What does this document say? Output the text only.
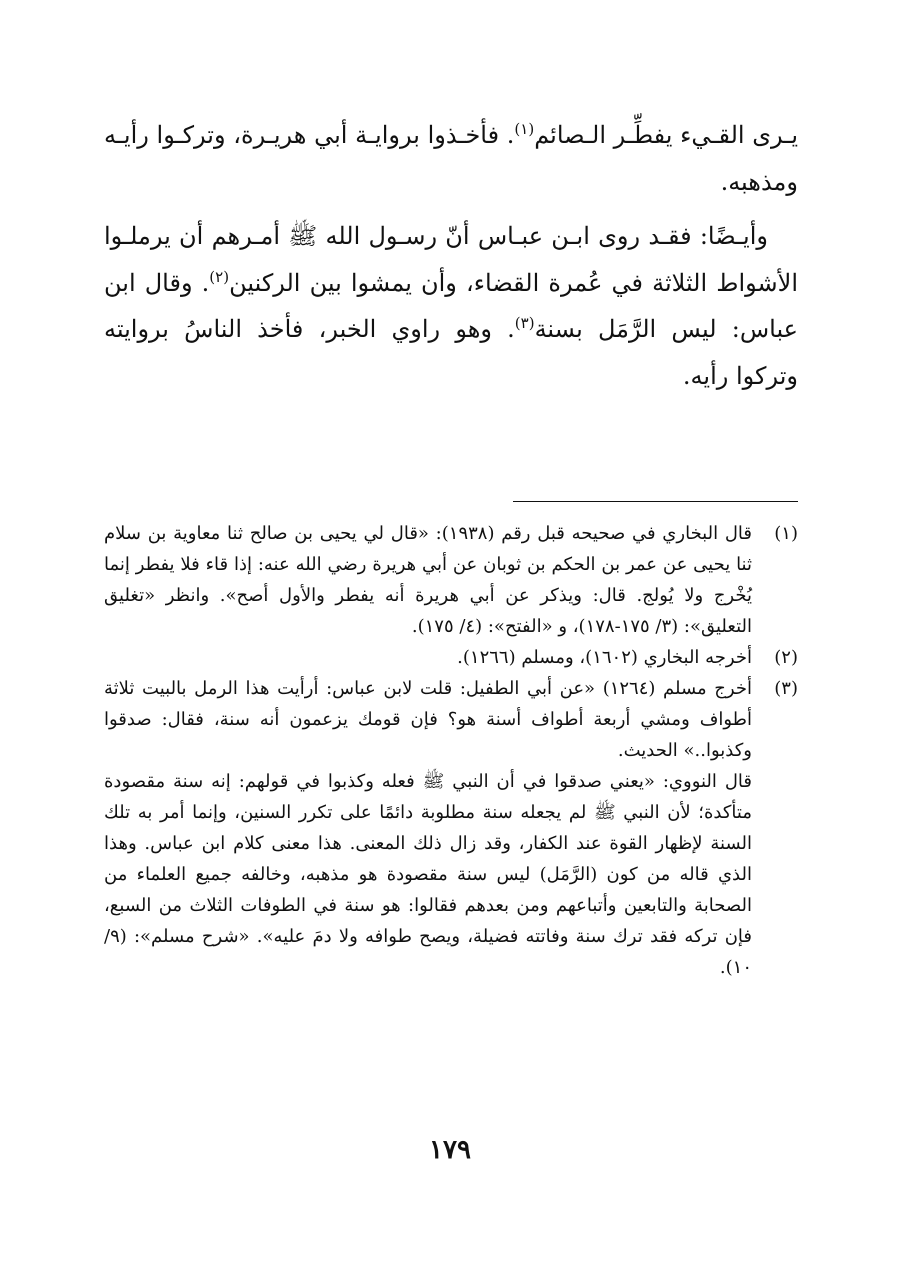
يـرى القـيء يفطِّـر الـصائم$^{(١)}$. فأخـذوا بروايـة أبي هريـرة، وتركـوا رأيـه ومذهبه.

وأيـضًا: فقـد روى ابـن عبـاس أنّ رسـول الله ﷺ أمـرهم أن يرملـوا الأشواط الثلاثة في عُمرة القضاء، وأن يمشوا بين الركنين$^{(٢)}$. وقال ابن عباس: ليس الرَّمَل بسنة$^{(٣)}$. وهو راوي الخبر، فأخذ الناسُ بروايته وتركوا رأيه.

(١)

قال البخاري في صحيحه قبل رقم (١٩٣٨): «قال لي يحيى بن صالح ثنا معاوية بن سلام ثنا يحيى عن عمر بن الحكم بن ثوبان عن أبي هريرة رضي الله عنه: إذا قاء فلا يفطر إنما يُخْرج ولا يُولج. قال: ويذكر عن أبي هريرة أنه يفطر والأول أصح». وانظر «تغليق التعليق»: (٣/ ١٧٥-١٧٨)، و «الفتح»: (٤/ ١٧٥).

(٢)

أخرجه البخاري (١٦٠٢)، ومسلم (١٢٦٦).

(٣)

أخرج مسلم (١٢٦٤) «عن أبي الطفيل: قلت لابن عباس: أرأيت هذا الرمل بالبيت ثلاثة أطواف ومشي أربعة أطواف أسنة هو؟ فإن قومك يزعمون أنه سنة، فقال: صدقوا وكذبوا..» الحديث.

قال النووي: «يعني صدقوا في أن النبي ﷺ فعله وكذبوا في قولهم: إنه سنة مقصودة متأكدة؛ لأن النبي ﷺ لم يجعله سنة مطلوبة دائمًا على تكرر السنين، وإنما أمر به تلك السنة لإظهار القوة عند الكفار، وقد زال ذلك المعنى. هذا معنى كلام ابن عباس. وهذا الذي قاله من كون (الرَّمَل) ليس سنة مقصودة هو مذهبه، وخالفه جميع العلماء من الصحابة والتابعين وأتباعهم ومن بعدهم فقالوا: هو سنة في الطوفات الثلاث من السبع، فإن تركه فقد ترك سنة وفاتته فضيلة، ويصح طوافه ولا دمَ عليه». «شرح مسلم»: (٩/ ١٠).

١٧٩
